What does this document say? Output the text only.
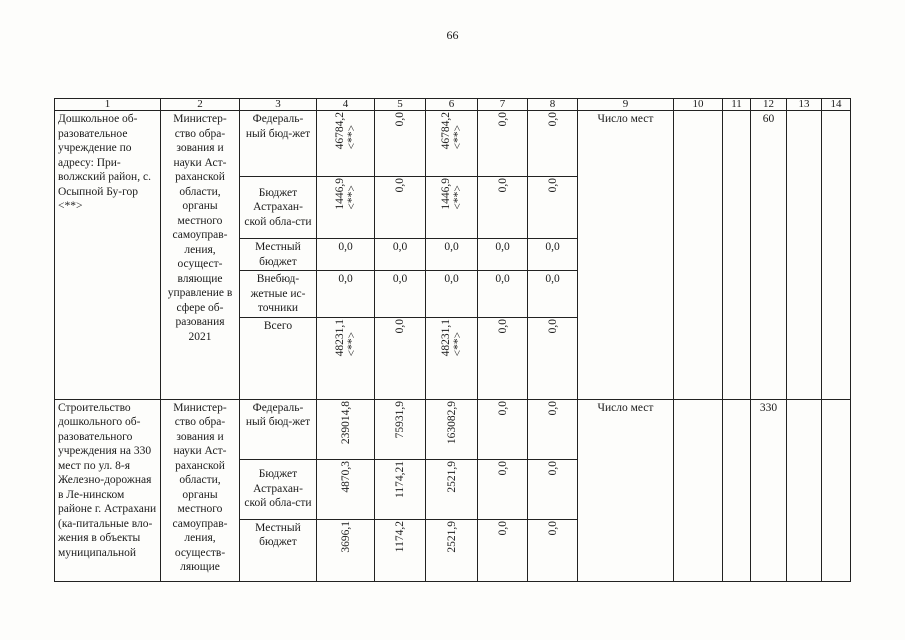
66
1	2	3	4	5	6	7	8	9	10	11	12	13	14
Дошкольное об-разовательное учреждение по адресу: При-волжский район, с. Осыпной Бу-гор <**>	Министер-ство обра-зования и науки Аст-раханской области, органы местного самоуправ-ления, осущест-вляющие управление в сфере об-разования 2021	Федераль-ный бюд-жет	46784,2 <**>	0,0	46784,2 <**>	0,0	0,0	Число мест			60		
		Бюджет Астрахан-ской обла-сти	1446,9 <**>	0,0	1446,9 <**>	0,0	0,0						

		Местный бюджет	0,0	0,0	0,0	0,0	0,0						
		Внебюд-жетные ис-точники	0,0	0,0	0,0	0,0	0,0						
		Всего	48231,1 <**>	0,0	48231,1 <**>	0,0	0,0						

Строительство дошкольного об-разовательного учреждения на 330 мест по ул. 8-я Железно-дорожная в Ле-нинском районе г. Астрахани (ка-питальные вло-жения в объекты муниципальной	Министер-ство обра-зования и науки Аст-раханской области, органы местного самоуправ-ления, осуществ-ляющие	Федераль-ный бюд-жет	239014,8	75931,9	163082,9	0,0	0,0	Число мест			330		
		Бюджет Астрахан-ской обла-сти	4870,3	1174,21	2521,9	0,0	0,0						

		Местный бюджет	3696,1	1174,2	2521,9	0,0	0,0						
